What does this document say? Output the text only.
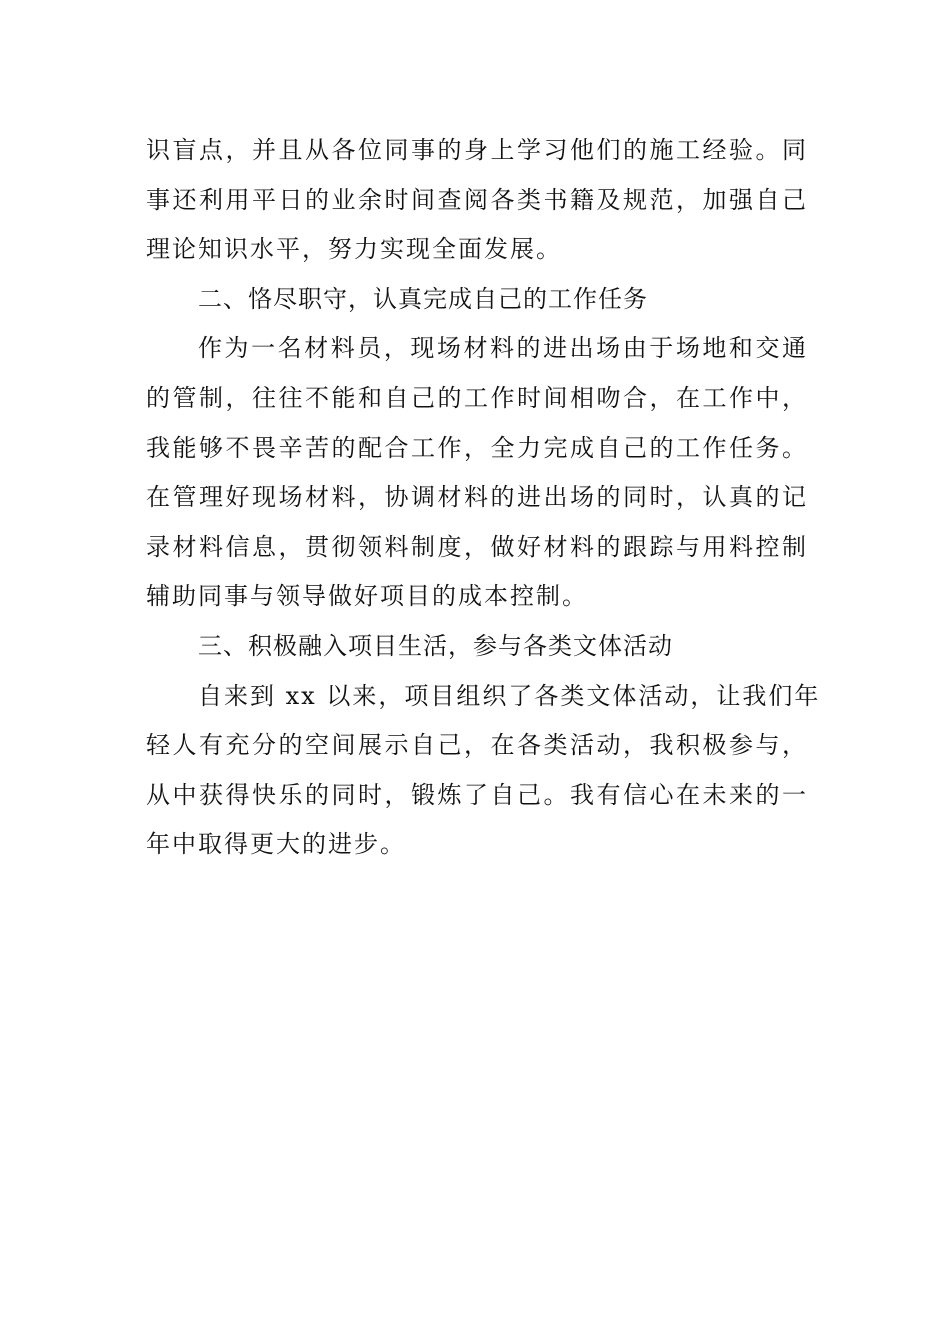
识盲点，并且从各位同事的身上学习他们的施工经验。同
事还利用平日的业余时间查阅各类书籍及规范，加强自己
理论知识水平，努力实现全面发展。
二、恪尽职守，认真完成自己的工作任务
作为一名材料员，现场材料的进出场由于场地和交通
的管制，往往不能和自己的工作时间相吻合，在工作中，
我能够不畏辛苦的配合工作，全力完成自己的工作任务。
在管理好现场材料，协调材料的进出场的同时，认真的记
录材料信息，贯彻领料制度，做好材料的跟踪与用料控制
辅助同事与领导做好项目的成本控制。
三、积极融入项目生活，参与各类文体活动
自来到 xx 以来，项目组织了各类文体活动，让我们年
轻人有充分的空间展示自己，在各类活动，我积极参与，
从中获得快乐的同时，锻炼了自己。我有信心在未来的一
年中取得更大的进步。
